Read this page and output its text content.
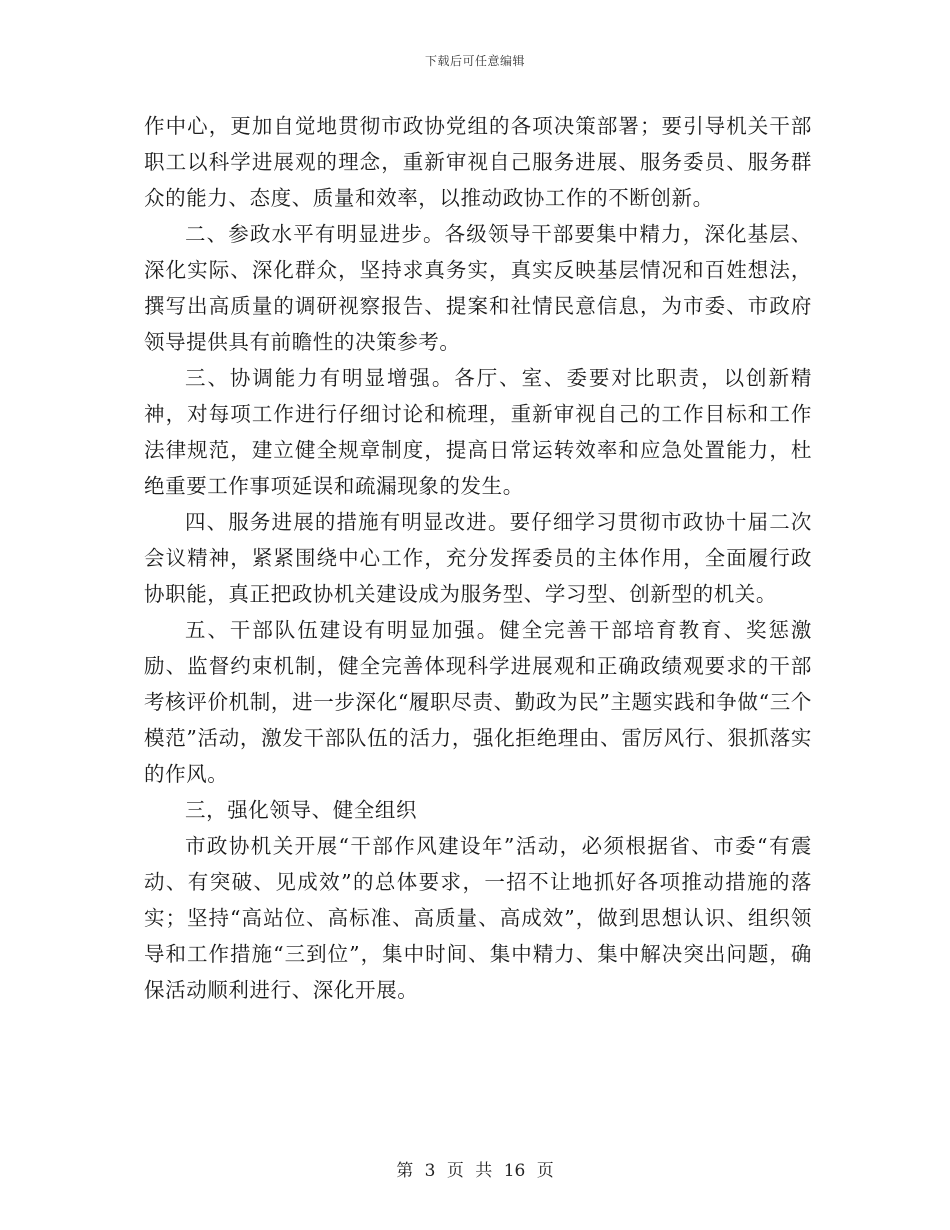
下载后可任意编辑

作中心，更加自觉地贯彻市政协党组的各项决策部署；要引导机关干部职工以科学进展观的理念，重新审视自己服务进展、服务委员、服务群众的能力、态度、质量和效率，以推动政协工作的不断创新。

二、参政水平有明显进步。各级领导干部要集中精力，深化基层、深化实际、深化群众，坚持求真务实，真实反映基层情况和百姓想法，撰写出高质量的调研视察报告、提案和社情民意信息，为市委、市政府领导提供具有前瞻性的决策参考。

三、协调能力有明显增强。各厅、室、委要对比职责，以创新精神，对每项工作进行仔细讨论和梳理，重新审视自己的工作目标和工作法律规范，建立健全规章制度，提高日常运转效率和应急处置能力，杜绝重要工作事项延误和疏漏现象的发生。

四、服务进展的措施有明显改进。要仔细学习贯彻市政协十届二次会议精神，紧紧围绕中心工作，充分发挥委员的主体作用，全面履行政协职能，真正把政协机关建设成为服务型、学习型、创新型的机关。

五、干部队伍建设有明显加强。健全完善干部培育教育、奖惩激励、监督约束机制，健全完善体现科学进展观和正确政绩观要求的干部考核评价机制，进一步深化“履职尽责、勤政为民”主题实践和争做“三个模范”活动，激发干部队伍的活力，强化拒绝理由、雷厉风行、狠抓落实的作风。

三，强化领导、健全组织

市政协机关开展“干部作风建设年”活动，必须根据省、市委“有震动、有突破、见成效”的总体要求，一招不让地抓好各项推动措施的落实；坚持“高站位、高标准、高质量、高成效”，做到思想认识、组织领导和工作措施“三到位”，集中时间、集中精力、集中解决突出问题，确保活动顺利进行、深化开展。

第 3 页 共 16 页
